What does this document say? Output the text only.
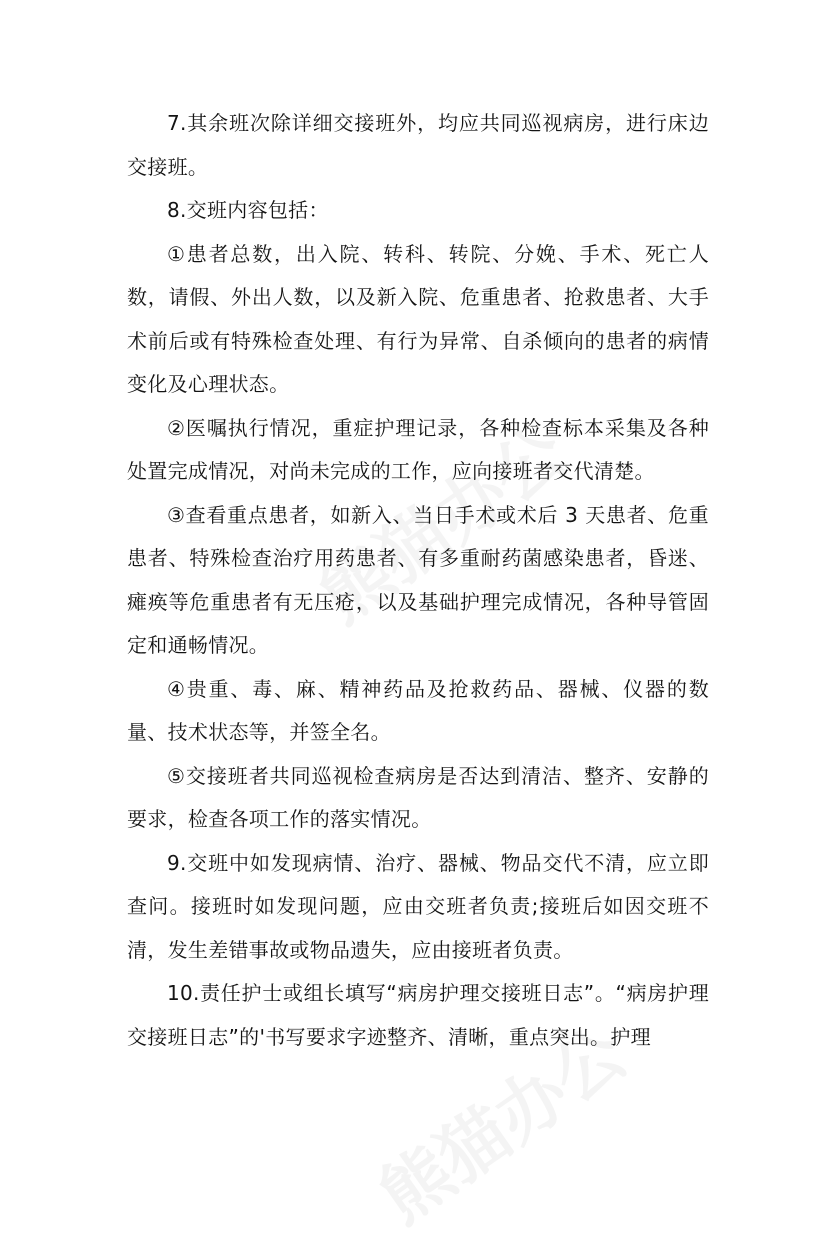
7.其余班次除详细交接班外，均应共同巡视病房，进行床边交接班。

8.交班内容包括：

①患者总数，出入院、转科、转院、分娩、手术、死亡人数，请假、外出人数，以及新入院、危重患者、抢救患者、大手术前后或有特殊检查处理、有行为异常、自杀倾向的患者的病情变化及心理状态。

②医嘱执行情况，重症护理记录，各种检查标本采集及各种处置完成情况，对尚未完成的工作，应向接班者交代清楚。

③查看重点患者，如新入、当日手术或术后 3 天患者、危重患者、特殊检查治疗用药患者、有多重耐药菌感染患者，昏迷、瘫痪等危重患者有无压疮，以及基础护理完成情况，各种导管固定和通畅情况。

④贵重、毒、麻、精神药品及抢救药品、器械、仪器的数量、技术状态等，并签全名。

⑤交接班者共同巡视检查病房是否达到清洁、整齐、安静的要求，检查各项工作的落实情况。

9.交班中如发现病情、治疗、器械、物品交代不清，应立即查问。接班时如发现问题，应由交班者负责;接班后如因交班不清，发生差错事故或物品遗失，应由接班者负责。

10.责任护士或组长填写“病房护理交接班日志”。“病房护理交接班日志”的'书写要求字迹整齐、清晰，重点突出。护理
